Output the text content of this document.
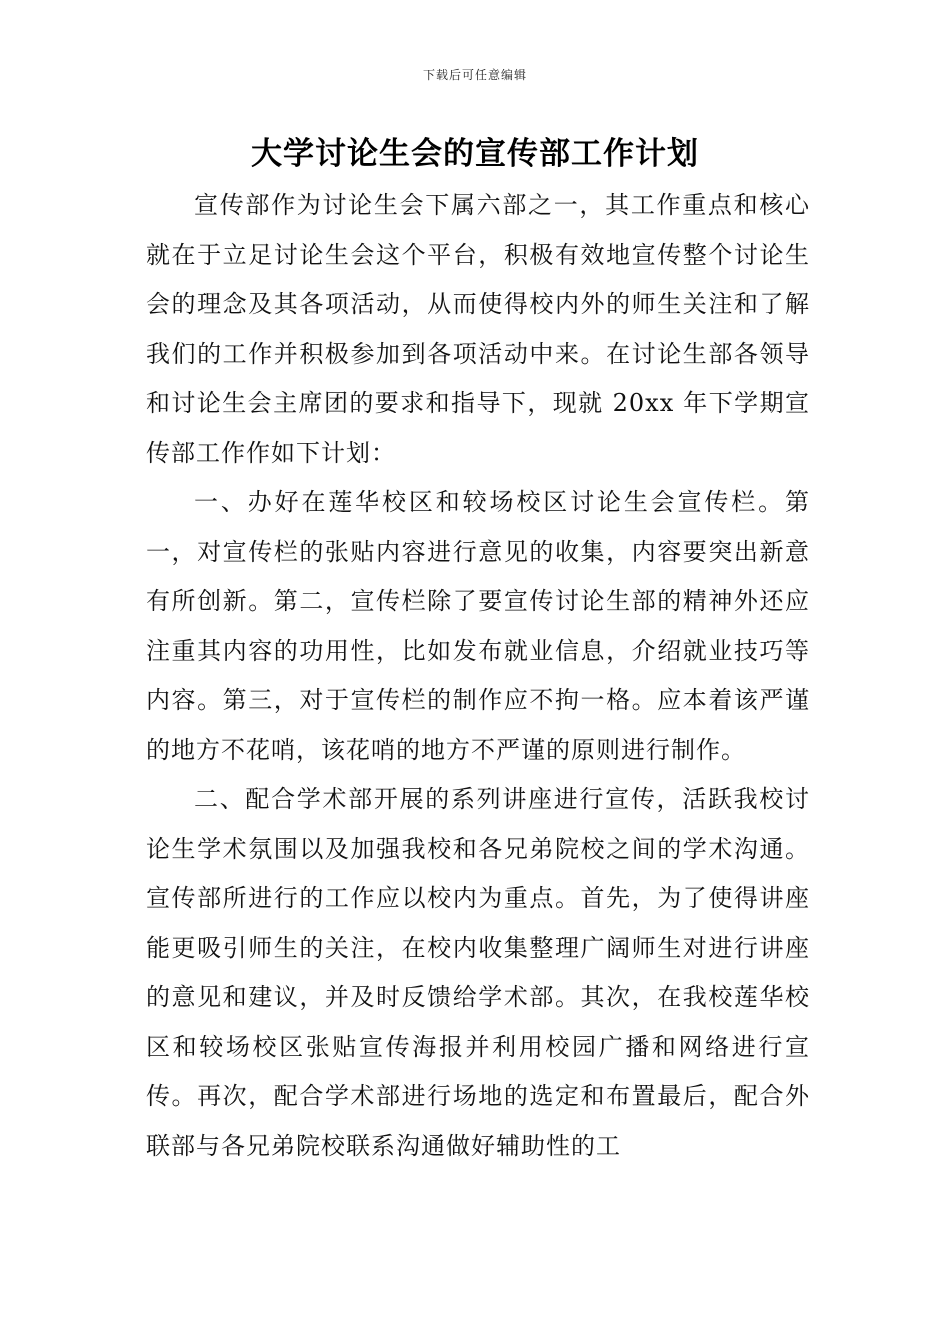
下载后可任意编辑
大学讨论生会的宣传部工作计划

宣传部作为讨论生会下属六部之一，其工作重点和核心就在于立足讨论生会这个平台，积极有效地宣传整个讨论生会的理念及其各项活动，从而使得校内外的师生关注和了解我们的工作并积极参加到各项活动中来。在讨论生部各领导和讨论生会主席团的要求和指导下，现就 20xx 年下学期宣传部工作作如下计划：

一、办好在莲华校区和较场校区讨论生会宣传栏。第一，对宣传栏的张贴内容进行意见的收集，内容要突出新意有所创新。第二，宣传栏除了要宣传讨论生部的精神外还应注重其内容的功用性，比如发布就业信息，介绍就业技巧等内容。第三，对于宣传栏的制作应不拘一格。应本着该严谨的地方不花哨，该花哨的地方不严谨的原则进行制作。

二、配合学术部开展的系列讲座进行宣传，活跃我校讨论生学术氛围以及加强我校和各兄弟院校之间的学术沟通。宣传部所进行的工作应以校内为重点。首先，为了使得讲座能更吸引师生的关注，在校内收集整理广阔师生对进行讲座的意见和建议，并及时反馈给学术部。其次，在我校莲华校区和较场校区张贴宣传海报并利用校园广播和网络进行宣传。再次，配合学术部进行场地的选定和布置最后，配合外联部与各兄弟院校联系沟通做好辅助性的工
